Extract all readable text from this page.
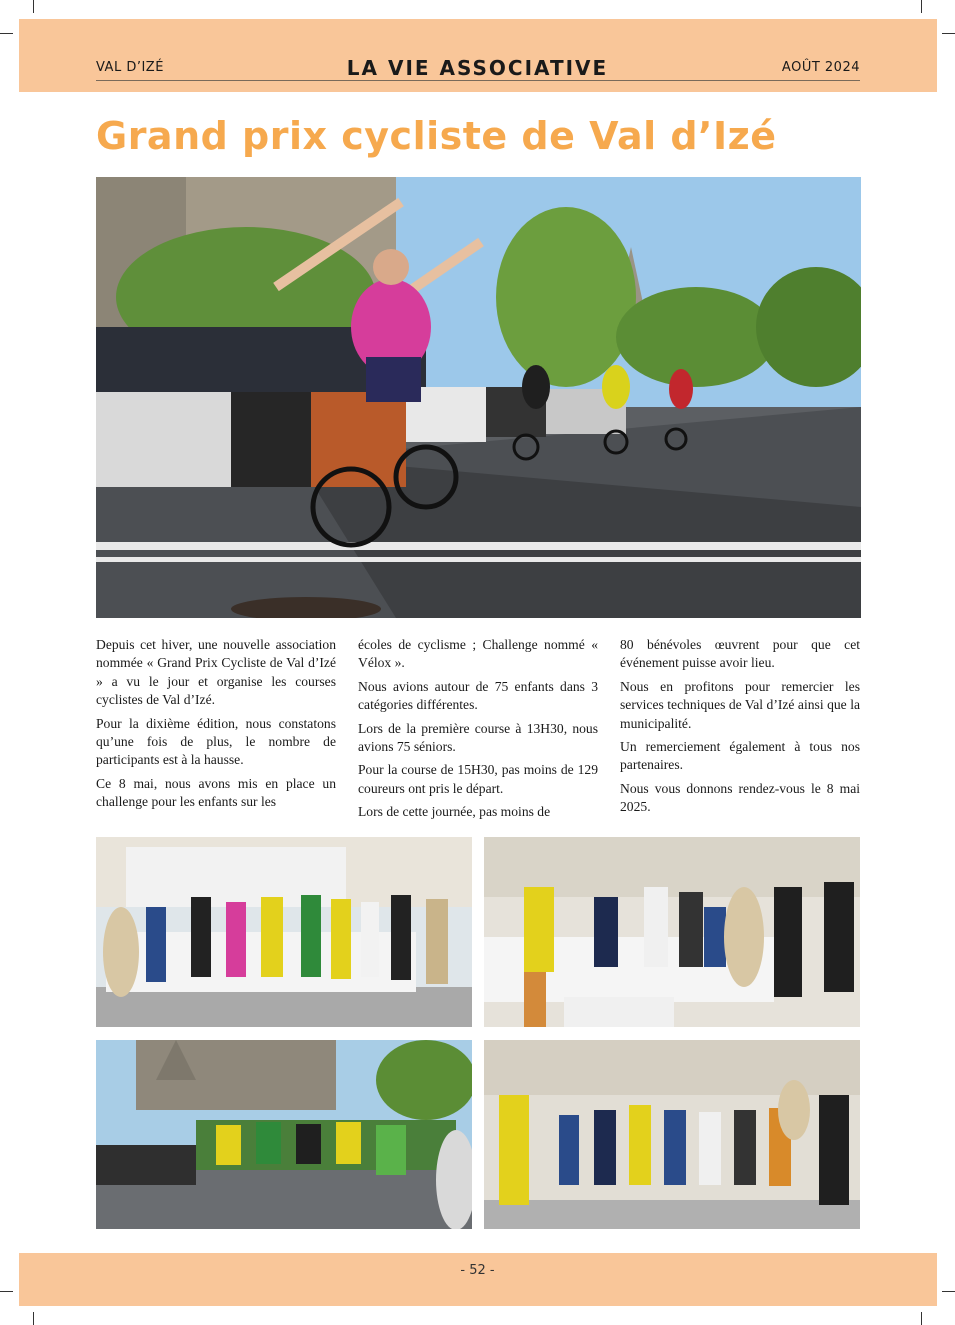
VAL D’IZÉ	LA VIE ASSOCIATIVE	AOÛT 2024
Grand prix cycliste de Val d’Izé

Depuis cet hiver, une nouvelle association nommée « Grand Prix Cycliste de Val d’Izé » a vu le jour et organise les courses cyclistes de Val d’Izé.

Pour la dixième édition, nous constatons qu’une fois de plus, le nombre de participants est à la hausse.

Ce 8 mai, nous avons mis en place un challenge pour les enfants sur les

écoles de cyclisme ; Challenge nommé « Vélox ».

Nous avions autour de 75 enfants dans 3 catégories différentes.

Lors de la première course à 13H30, nous avions 75 séniors.

Pour la course de 15H30, pas moins de 129 coureurs ont pris le départ.

Lors de cette journée, pas moins de

80 bénévoles œuvrent pour que cet événement puisse avoir lieu.

Nous en profitons pour remercier les services techniques de Val d’Izé ainsi que la municipalité.

Un remerciement également à tous nos partenaires.

Nous vous donnons rendez-vous le 8 mai 2025.

- 52 -
